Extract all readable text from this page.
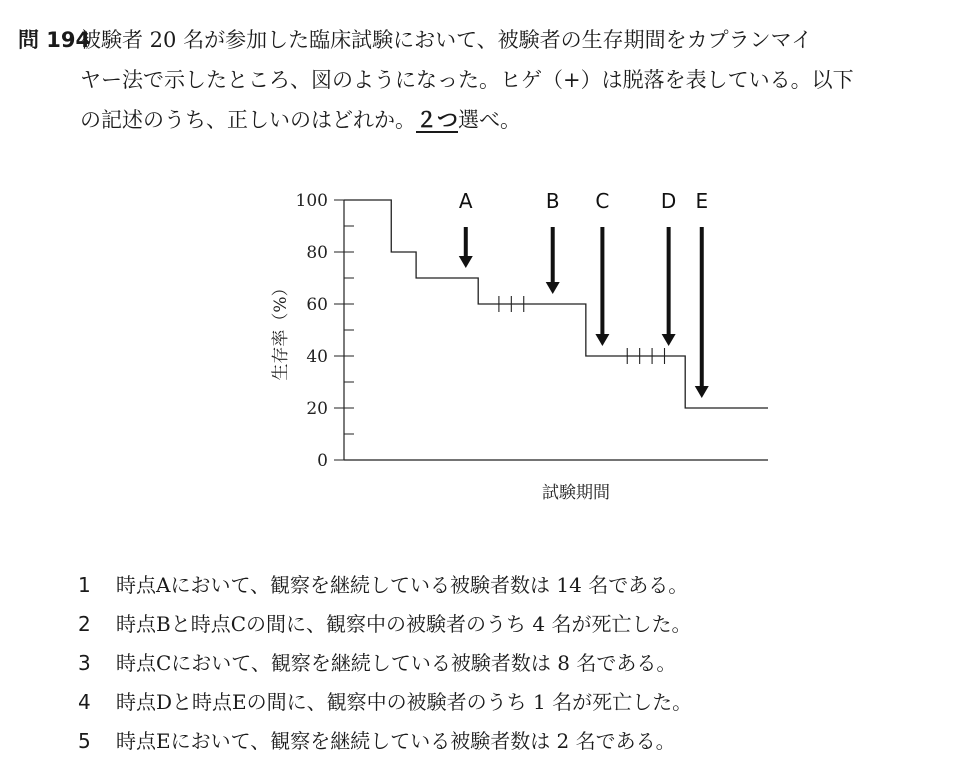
問 194
被験者 20 名が参加した臨床試験において、被験者の生存期間をカプランマイ
ヤー法で示したところ、図のようになった。ヒゲ（+）は脱落を表している。以下
の記述のうち、正しいのはどれか。２つ選べ。
0
20
40
60
80
100
生存率（%）
試験期間
A	B C	D E
1 時点Aにおいて、観察を継続している被験者数は 14 名である。
2 時点Bと時点Cの間に、観察中の被験者のうち 4 名が死亡した。
3 時点Cにおいて、観察を継続している被験者数は 8 名である。
4 時点Dと時点Eの間に、観察中の被験者のうち 1 名が死亡した。
5 時点Eにおいて、観察を継続している被験者数は 2 名である。
